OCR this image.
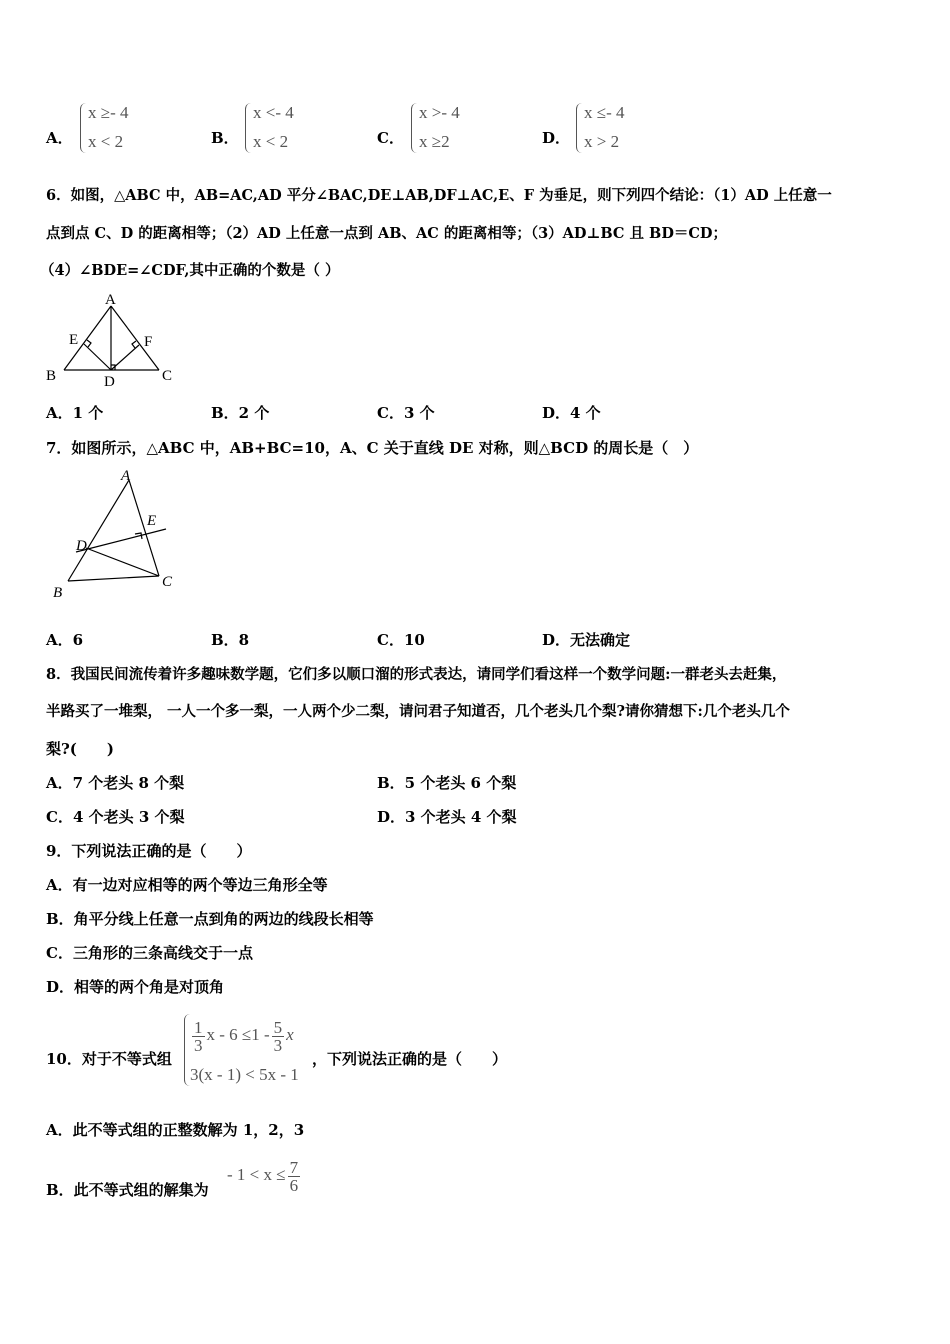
A．
x ≥- 4
x < 2	B．
x <- 4
x < 2	C．
x >- 4
x ≥2	D．
x ≤- 4
x > 2
6．如图，△ABC 中，AB=AC,AD 平分∠BAC,DE⊥AB,DF⊥AC,E、F 为垂足，则下列四个结论：（1）AD 上任意一
点到点 C、D 的距离相等；（2）AD 上任意一点到 AB、AC 的距离相等；（3）AD⊥BC 且 BD＝CD；
（4）∠BDE=∠CDF,其中正确的个数是（ ）
A
B	C
D
E	F
A．1 个	B．2 个	C．3 个	D．4 个
7．如图所示，△ABC 中，AB+BC=10，A、C 关于直线 DE 对称，则△BCD 的周长是（　）
A
B
C
D
E
A．6	B．8	C．10	D．无法确定
8．我国民间流传着许多趣味数学题，它们多以顺口溜的形式表达，请同学们看这样一个数学问题:一群老头去赶集，
半路买了一堆梨， 一人一个多一梨，一人两个少二梨，请问君子知道否，几个老头几个梨?请你猜想下:几个老头几个
梨?(　　)
A．7 个老头 8 个梨	B．5 个老头 6 个梨
C．4 个老头 3 个梨	D．3 个老头 4 个梨
9．下列说法正确的是（　　）
A．有一边对应相等的两个等边三角形全等
B．角平分线上任意一点到角的两边的线段长相等
C．三角形的三条高线交于一点
D．相等的两个角是对顶角
10．对于不等式组
$\frac{1}{3}$ $x - 6 \le 1 - \frac{5}{3}$ x
3(x - 1) < 5x - 1
，下列说法正确的是（　　）
A．此不等式组的正整数解为 1，2，3
B．此不等式组的解集为
- $1 < x \le \frac{7}{6}$
